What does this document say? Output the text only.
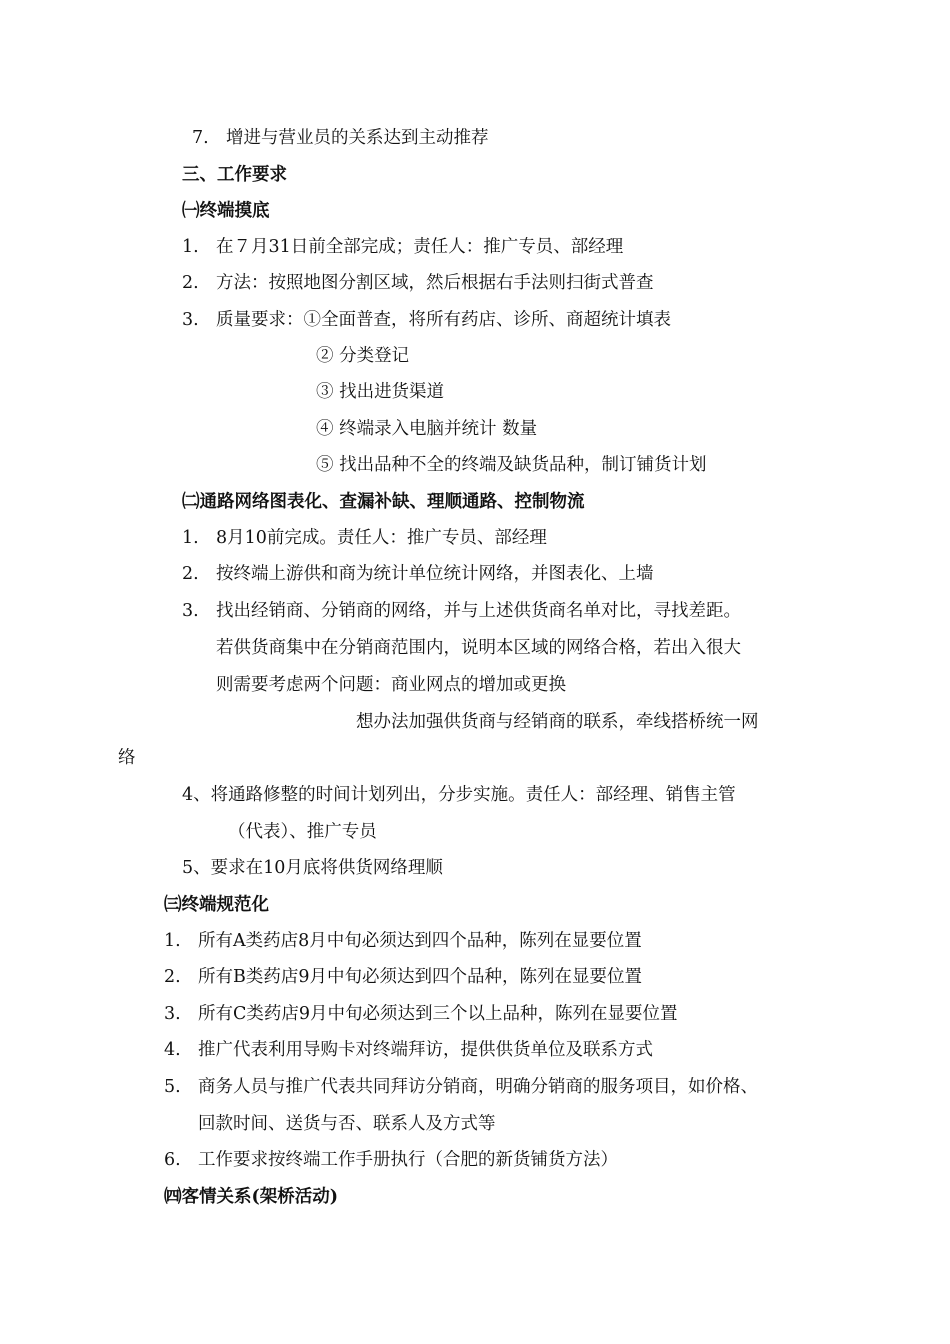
7. 增进与营业员的关系达到主动推荐
三、工作要求
㈠终端摸底
1. 在７月31日前全部完成；责任人：推广专员、部经理
2. 方法：按照地图分割区域，然后根据右手法则扫街式普查
3. 质量要求：①全面普查，将所有药店、诊所、商超统计填表
② 分类登记
③ 找出进货渠道
④ 终端录入电脑并统计 数量
⑤ 找出品种不全的终端及缺货品种，制订铺货计划
㈡通路网络图表化、查漏补缺、理顺通路、控制物流
1. 8月10前完成。责任人：推广专员、部经理
2. 按终端上游供和商为统计单位统计网络，并图表化、上墙
3. 找出经销商、分销商的网络，并与上述供货商名单对比，寻找差距。
若供货商集中在分销商范围内，说明本区域的网络合格，若出入很大
则需要考虑两个问题：商业网点的增加或更换
想办法加强供货商与经销商的联系，牵线搭桥统一网
络
4、将通路修整的时间计划列出，分步实施。责任人：部经理、销售主管
（代表）、推广专员
5、要求在10月底将供货网络理顺
㈢终端规范化
1. 所有A类药店8月中旬必须达到四个品种，陈列在显要位置
2. 所有B类药店9月中旬必须达到四个品种，陈列在显要位置
3. 所有C类药店9月中旬必须达到三个以上品种，陈列在显要位置
4. 推广代表利用导购卡对终端拜访，提供供货单位及联系方式
5. 商务人员与推广代表共同拜访分销商，明确分销商的服务项目，如价格、
回款时间、送货与否、联系人及方式等
6. 工作要求按终端工作手册执行（合肥的新货铺货方法）
㈣客情关系(架桥活动)
